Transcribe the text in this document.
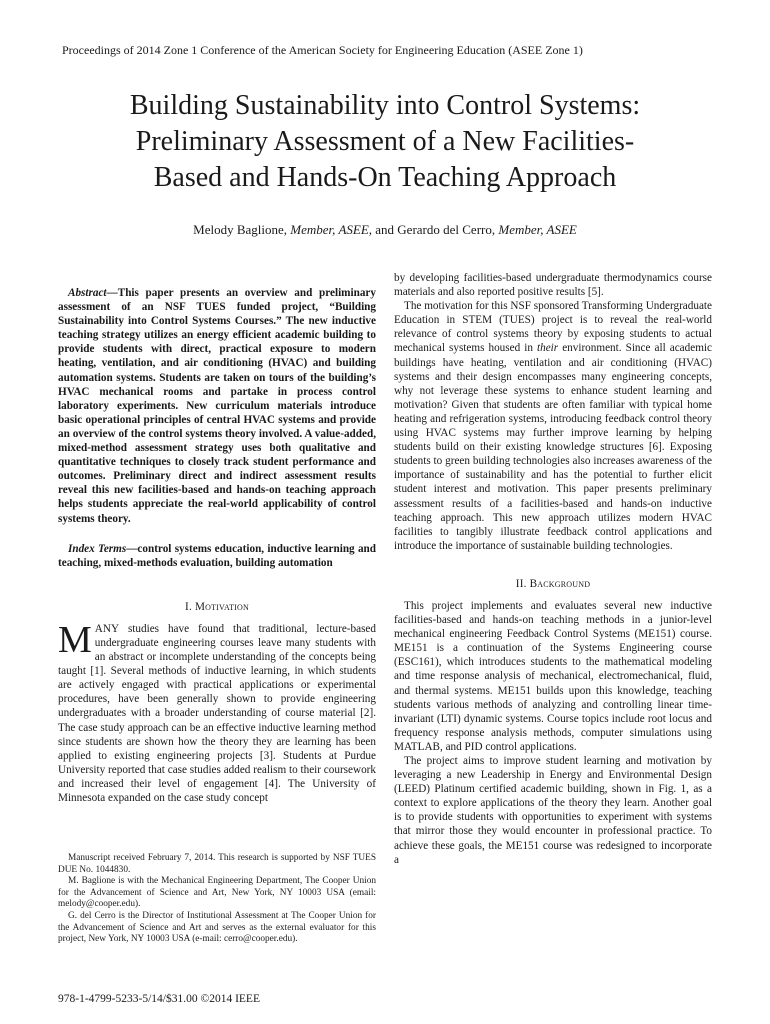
Proceedings of 2014 Zone 1 Conference of the American Society for Engineering Education (ASEE Zone 1)
Building Sustainability into Control Systems:
Preliminary Assessment of a New Facilities-
Based and Hands-On Teaching Approach
Melody Baglione, Member, ASEE, and Gerardo del Cerro, Member, ASEE

Abstract—This paper presents an overview and preliminary assessment of an NSF TUES funded project, “Building Sustainability into Control Systems Courses.” The new inductive teaching strategy utilizes an energy efficient academic building to provide students with direct, practical exposure to modern heating, ventilation, and air conditioning (HVAC) and building automation systems. Students are taken on tours of the building’s HVAC mechanical rooms and partake in process control laboratory experiments. New curriculum materials introduce basic operational principles of central HVAC systems and provide an overview of the control systems theory involved. A value-added, mixed-method assessment strategy uses both qualitative and quantitative techniques to closely track student performance and outcomes. Preliminary direct and indirect assessment results reveal this new facilities-based and hands-on teaching approach helps students appreciate the real-world applicability of control systems theory.

Index Terms—control systems education, inductive learning and teaching, mixed-methods evaluation, building automation

I. Motivation

MANY studies have found that traditional, lecture-based undergraduate engineering courses leave many students with an abstract or incomplete understanding of the concepts being taught [1]. Several methods of inductive learning, in which students are actively engaged with practical applications or experimental procedures, have been generally shown to provide engineering undergraduates with a broader understanding of course material [2]. The case study approach can be an effective inductive learning method since students are shown how the theory they are learning has been applied to existing engineering projects [3]. Students at Purdue University reported that case studies added realism to their coursework and increased their level of engagement [4]. The University of Minnesota expanded on the case study concept

Manuscript received February 7, 2014. This research is supported by NSF TUES DUE No. 1044830.

M. Baglione is with the Mechanical Engineering Department, The Cooper Union for the Advancement of Science and Art, New York, NY 10003 USA (email: melody@cooper.edu).

G. del Cerro is the Director of Institutional Assessment at The Cooper Union for the Advancement of Science and Art and serves as the external evaluator for this project, New York, NY 10003 USA (e-mail: cerro@cooper.edu).

978-1-4799-5233-5/14/$31.00 ©2014 IEEE

by developing facilities-based undergraduate thermodynamics course materials and also reported positive results [5].

The motivation for this NSF sponsored Transforming Undergraduate Education in STEM (TUES) project is to reveal the real-world relevance of control systems theory by exposing students to actual mechanical systems housed in their environment. Since all academic buildings have heating, ventilation and air conditioning (HVAC) systems and their design encompasses many engineering concepts, why not leverage these systems to enhance student learning and motivation? Given that students are often familiar with typical home heating and refrigeration systems, introducing feedback control theory using HVAC systems may further improve learning by helping students build on their existing knowledge structures [6]. Exposing students to green building technologies also increases awareness of the importance of sustainability and has the potential to further elicit student interest and motivation. This paper presents preliminary assessment results of a facilities-based and hands-on inductive teaching approach. This new approach utilizes modern HVAC facilities to tangibly illustrate feedback control applications and introduce the importance of sustainable building technologies.

II. Background

This project implements and evaluates several new inductive facilities-based and hands-on teaching methods in a junior-level mechanical engineering Feedback Control Systems (ME151) course. ME151 is a continuation of the Systems Engineering course (ESC161), which introduces students to the mathematical modeling and time response analysis of mechanical, electromechanical, fluid, and thermal systems. ME151 builds upon this knowledge, teaching students various methods of analyzing and controlling linear time-invariant (LTI) dynamic systems. Course topics include root locus and frequency response analysis methods, computer simulations using MATLAB, and PID control applications.

The project aims to improve student learning and motivation by leveraging a new Leadership in Energy and Environmental Design (LEED) Platinum certified academic building, shown in Fig. 1, as a context to explore applications of the theory they learn. Another goal is to provide students with opportunities to experiment with systems that mirror those they would encounter in professional practice. To achieve these goals, the ME151 course was redesigned to incorporate a
